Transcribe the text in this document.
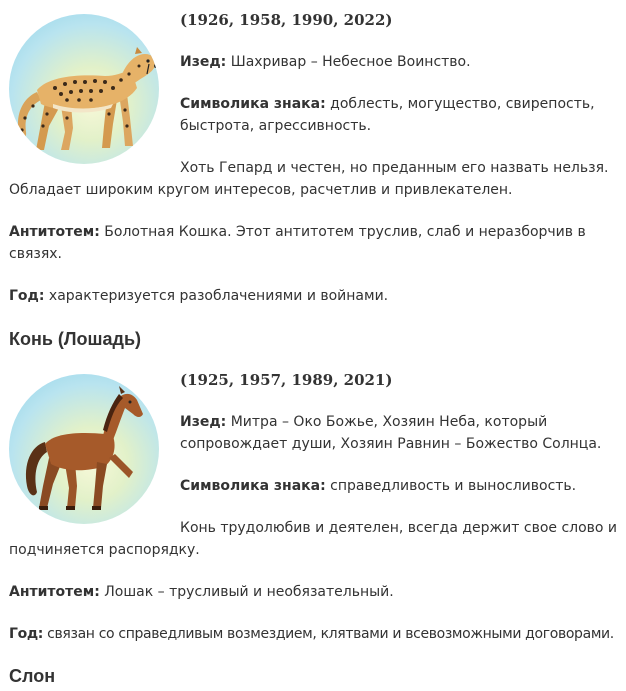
(1926, 1958, 1990, 2022)
Изед: Шахривар – Небесное Воинство.
Символика знака: доблесть, могущество, свирепость,
быстрота, агрессивность.
Хоть Гепард и честен, но преданным его назвать нельзя.
Обладает широким кругом интересов, расчетлив и привлекателен.
Антитотем: Болотная Кошка. Этот антитотем труслив, слаб и неразборчив в
связях.
Год: характеризуется разоблачениями и войнами.
Конь (Лошадь)
(1925, 1957, 1989, 2021)
Изед: Митра – Око Божье, Хозяин Неба, который
сопровождает души, Хозяин Равнин – Божество Солнца.
Символика знака: справедливость и выносливость.
Конь трудолюбив и деятелен, всегда держит свое слово и
подчиняется распорядку.
Антитотем: Лошак – трусливый и необязательный.
Год: связан со справедливым возмездием, клятвами и всевозможными договорами.
Слон
